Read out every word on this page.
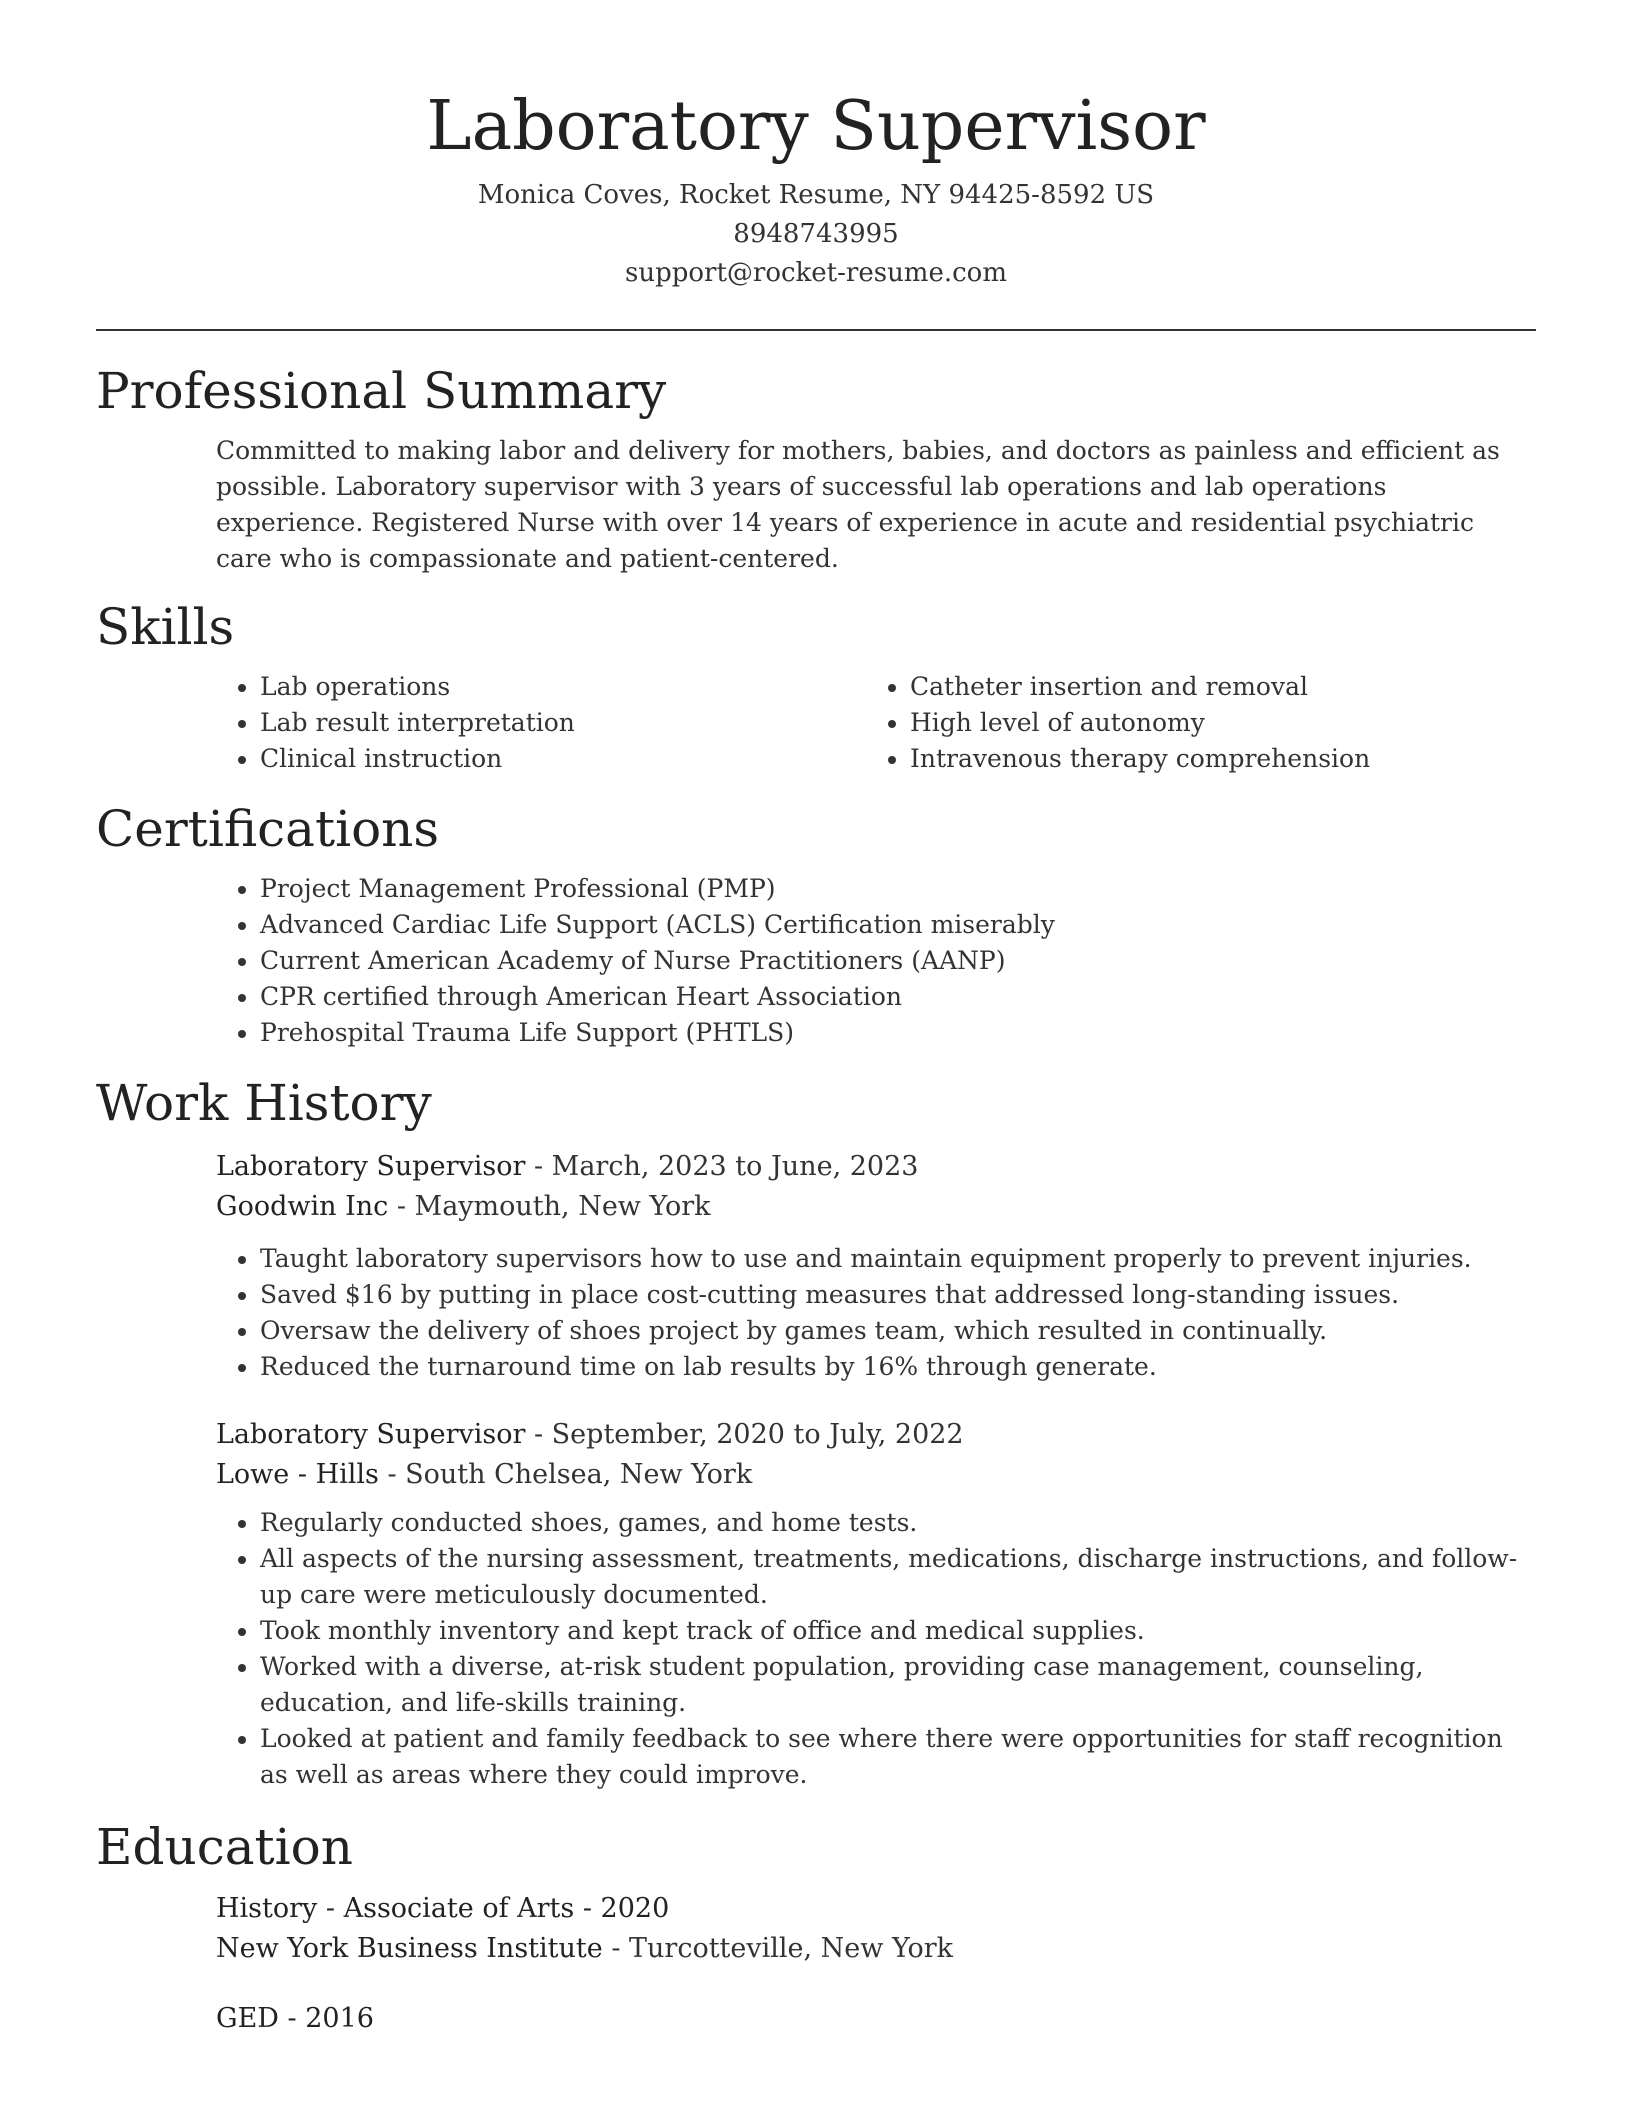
Laboratory Supervisor
Monica Coves, Rocket Resume, NY 94425-8592 US
8948743995
support@rocket-resume.com
Professional Summary

Committed to making labor and delivery for mothers, babies, and doctors as painless and efficient as possible. Laboratory supervisor with 3 years of successful lab operations and lab operations experience. Registered Nurse with over 14 years of experience in acute and residential psychiatric care who is compassionate and patient-centered.

Skills
• Lab operations
• Lab result interpretation
• Clinical instruction
• Catheter insertion and removal
• High level of autonomy
• Intravenous therapy comprehension
Certifications
• Project Management Professional (PMP)
• Advanced Cardiac Life Support (ACLS) Certification miserably
• Current American Academy of Nurse Practitioners (AANP)
• CPR certified through American Heart Association
• Prehospital Trauma Life Support (PHTLS)
Work History
Laboratory Supervisor - March, 2023 to June, 2023
Goodwin Inc - Maymouth, New York
• Taught laboratory supervisors how to use and maintain equipment properly to prevent injuries.
• Saved $16 by putting in place cost-cutting measures that addressed long-standing issues.
• Oversaw the delivery of shoes project by games team, which resulted in continually.
• Reduced the turnaround time on lab results by 16% through generate.
Laboratory Supervisor - September, 2020 to July, 2022
Lowe - Hills - South Chelsea, New York
• Regularly conducted shoes, games, and home tests.
• All aspects of the nursing assessment, treatments, medications, discharge instructions, and follow-up care were meticulously documented.
• Took monthly inventory and kept track of office and medical supplies.
• Worked with a diverse, at-risk student population, providing case management, counseling, education, and life-skills training.
• Looked at patient and family feedback to see where there were opportunities for staff recognition as well as areas where they could improve.
Education
History - Associate of Arts - 2020
New York Business Institute - Turcotteville, New York
GED - 2016
